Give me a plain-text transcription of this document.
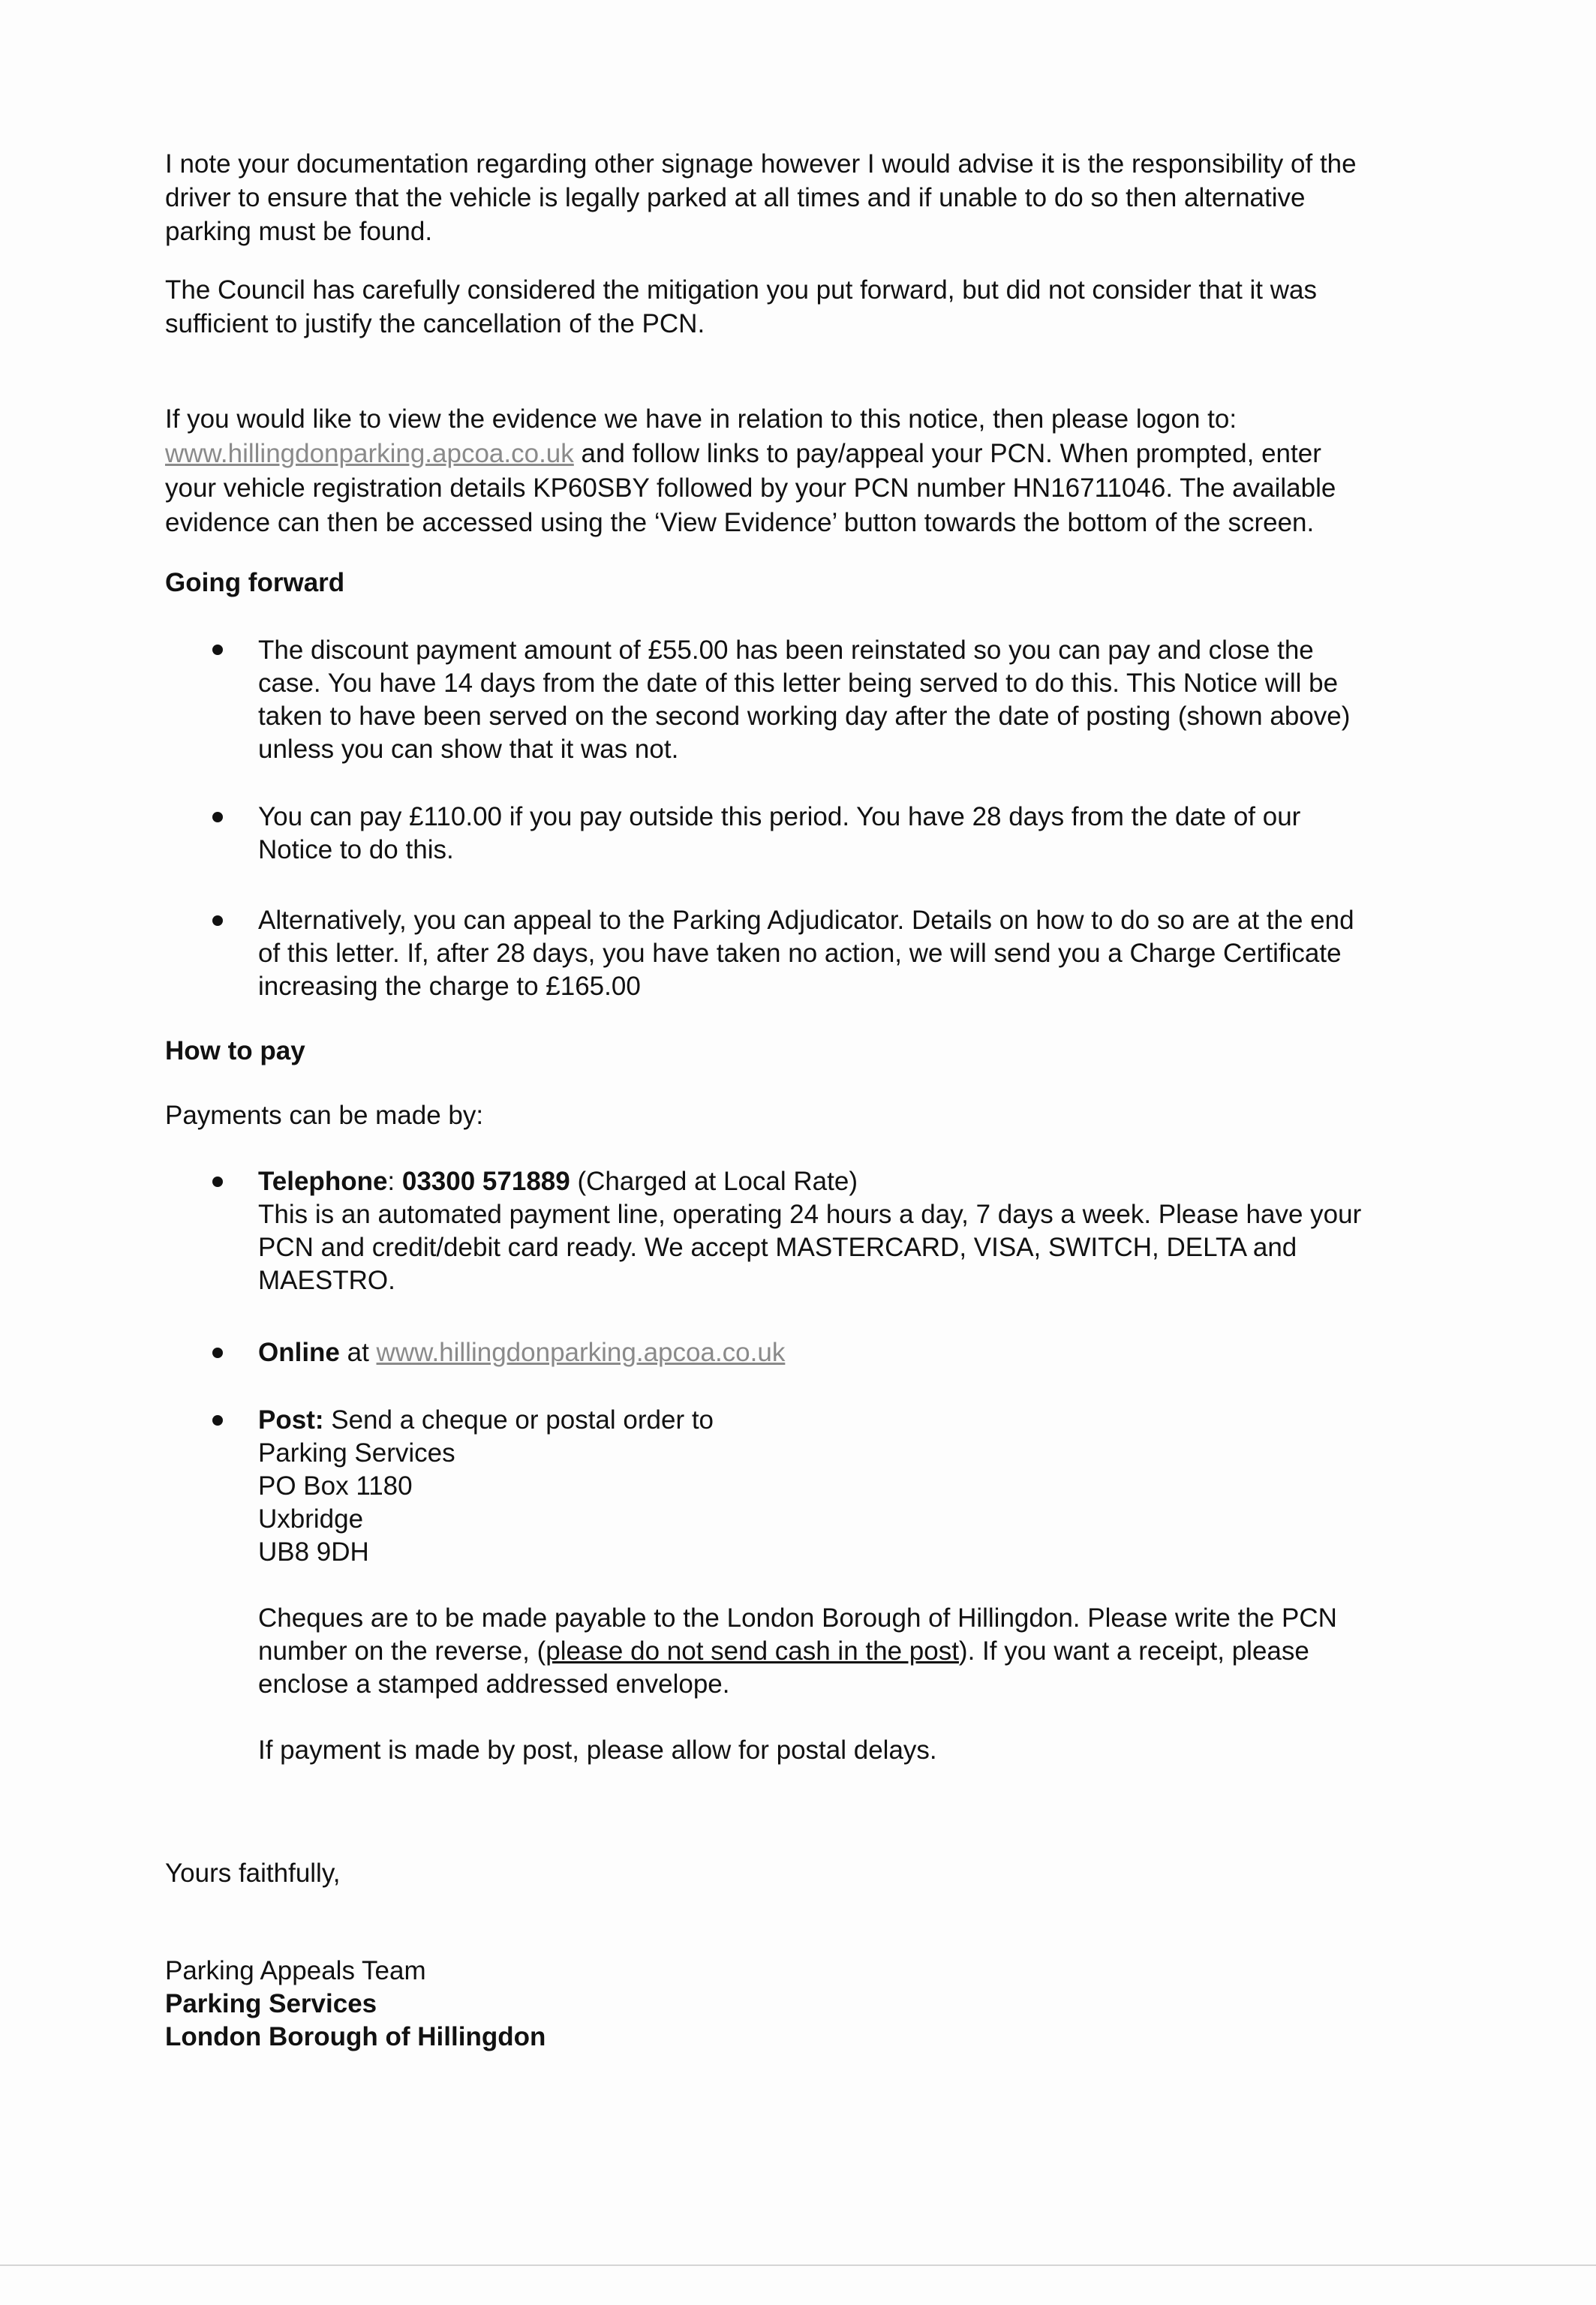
I note your documentation regarding other signage however I would advise it is the responsibility of the
driver to ensure that the vehicle is legally parked at all times and if unable to do so then alternative
parking must be found.
The Council has carefully considered the mitigation you put forward, but did not consider that it was
sufficient to justify the cancellation of the PCN.
If you would like to view the evidence we have in relation to this notice, then please logon to:
www.hillingdonparking.apcoa.co.uk and follow links to pay/appeal your PCN. When prompted, enter
your vehicle registration details KP60SBY followed by your PCN number HN16711046. The available
evidence can then be accessed using the ‘View Evidence’ button towards the bottom of the screen.
Going forward
The discount payment amount of £55.00 has been reinstated so you can pay and close the
case. You have 14 days from the date of this letter being served to do this. This Notice will be
taken to have been served on the second working day after the date of posting (shown above)
unless you can show that it was not.
You can pay £110.00 if you pay outside this period. You have 28 days from the date of our
Notice to do this.
Alternatively, you can appeal to the Parking Adjudicator. Details on how to do so are at the end
of this letter. If, after 28 days, you have taken no action, we will send you a Charge Certificate
increasing the charge to £165.00
How to pay
Payments can be made by:
Telephone: 03300 571889 (Charged at Local Rate)
This is an automated payment line, operating 24 hours a day, 7 days a week. Please have your
PCN and credit/debit card ready. We accept MASTERCARD, VISA, SWITCH, DELTA and
MAESTRO.
Online at www.hillingdonparking.apcoa.co.uk
Post: Send a cheque or postal order to
Parking Services
PO Box 1180
Uxbridge
UB8 9DH
Cheques are to be made payable to the London Borough of Hillingdon. Please write the PCN
number on the reverse, (please do not send cash in the post). If you want a receipt, please
enclose a stamped addressed envelope.
If payment is made by post, please allow for postal delays.
Yours faithfully,
Parking Appeals Team
Parking Services
London Borough of Hillingdon
